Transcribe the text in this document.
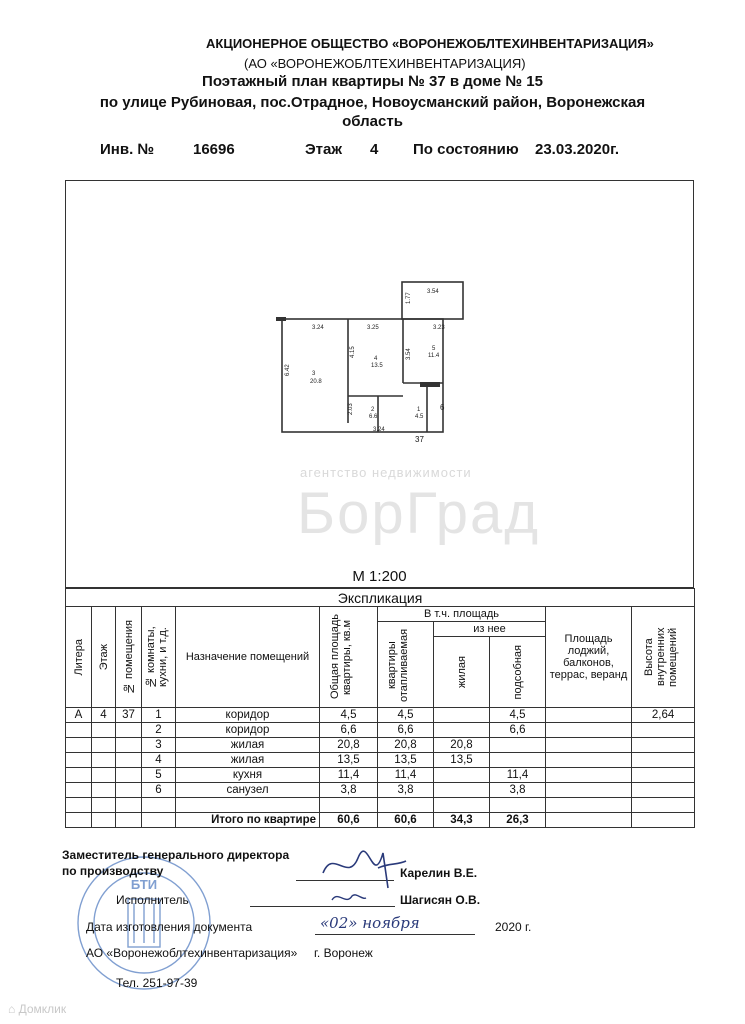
АКЦИОНЕРНОЕ ОБЩЕСТВО «ВОРОНЕЖОБЛТЕХИНВЕНТАРИЗАЦИЯ»
(АО «ВОРОНЕЖОБЛТЕХИНВЕНТАРИЗАЦИЯ)
Поэтажный план квартиры № 37 в доме № 15
по улице Рубиновая, пос.Отрадное, Новоусманский район, Воронежская
область
Инв. №	16696	Этаж 4 По состоянию 23.03.2020г.
3.24	3.25	3.23
3.54
1.77
6.42
4.15	3.54
2.03
3.24
3
20.8
4
13.5
5
11.4
2
6.6
1
4.5
6
37
агентство недвижимости
БорГрад
М 1:200
Экспликация										

Литера	Этаж	№ помещения	№ комнаты, кухни, и т.д.	Назначение помещений	Общая площадь квартиры, кв.м	В т.ч. площадь			Площадь лоджий, балконов, террас, веранд	Высота внутренних помещений

						квартиры отапливаемая	из нее			

							жилая	подсобная		

А	4	37	1	коридор	4,5	4,5		4,5		2,64
			2	коридор	6,6	6,6		6,6		
			3	жилая	20,8	20,8	20,8			
			4	жилая	13,5	13,5	13,5			
			5	кухня	11,4	11,4		11,4		
			6	санузел	3,8	3,8		3,8		

				Итого по квартире	60,6	60,6	34,3	26,3		
БТИ
Заместитель генерального директора
по производству	Карелин В.Е.
Исполнитель	Шагисян О.В.
Дата изготовления документа	«02» ноября	2020 г.
АО «Воронежоблтехинвентаризация» г. Воронеж
Тел. 251-97-39
⌂ Домклик
